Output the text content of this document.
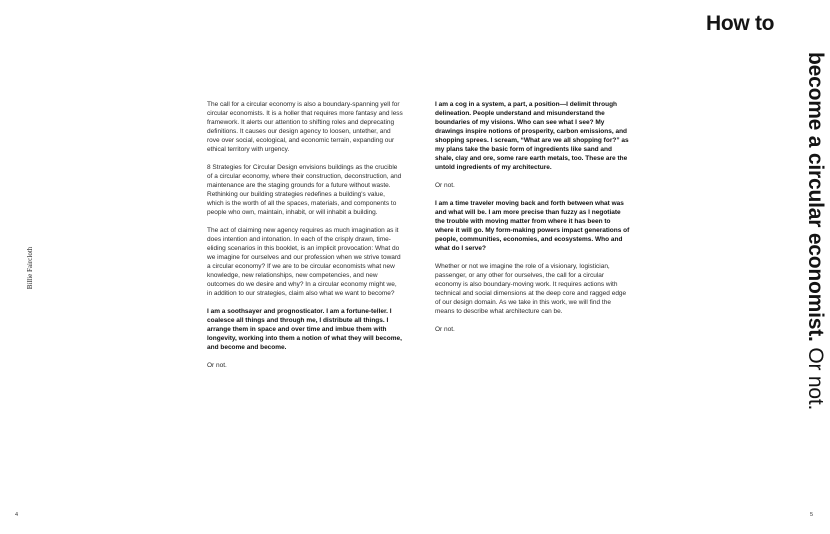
Billie Faircloth

The call for a circular economy is also a boundary-spanning yell for circular economists. It is a holler that requires more fantasy and less framework. It alerts our attention to shifting roles and deprecating definitions. It causes our design agency to loosen, untether, and rove over social, ecological, and economic terrain, expanding our ethical territory with urgency.

8 Strategies for Circular Design envisions buildings as the crucible of a circular economy, where their construction, deconstruction, and maintenance are the staging grounds for a future without waste. Rethinking our building strategies redefines a building's value, which is the worth of all the spaces, materials, and components to people who own, maintain, inhabit, or will inhabit a building.

The act of claiming new agency requires as much imagination as it does intention and intonation. In each of the crisply drawn, time-eliding scenarios in this booklet, is an implicit provocation: What do we imagine for ourselves and our profession when we strive toward a circular economy? If we are to be circular economists what new knowledge, new relationships, new competencies, and new outcomes do we desire and why? In a circular economy might we, in addition to our strategies, claim also what we want to become?

I am a soothsayer and prognosticator. I am a fortune-teller. I coalesce all things and through me, I distribute all things. I arrange them in space and over time and imbue them with longevity, working into them a notion of what they will become, and become and become.

Or not.

I am a cog in a system, a part, a position—I delimit through delineation. People understand and misunderstand the boundaries of my visions. Who can see what I see? My drawings inspire notions of prosperity, carbon emissions, and shopping sprees. I scream, “What are we all shopping for?” as my plans take the basic form of ingredients like sand and shale, clay and ore, some rare earth metals, too. These are the untold ingredients of my architecture.

Or not.

I am a time traveler moving back and forth between what was and what will be. I am more precise than fuzzy as I negotiate the trouble with moving matter from where it has been to where it will go. My form-making powers impact generations of people, communities, economies, and ecosystems. Who and what do I serve?

Whether or not we imagine the role of a visionary, logistician, passenger, or any other for ourselves, the call for a circular economy is also boundary-moving work. It requires actions with technical and social dimensions at the deep core and ragged edge of our design domain. As we take in this work, we will find the means to describe what architecture can be.

Or not.

How to
become a circular economist. Or not.
4	5
